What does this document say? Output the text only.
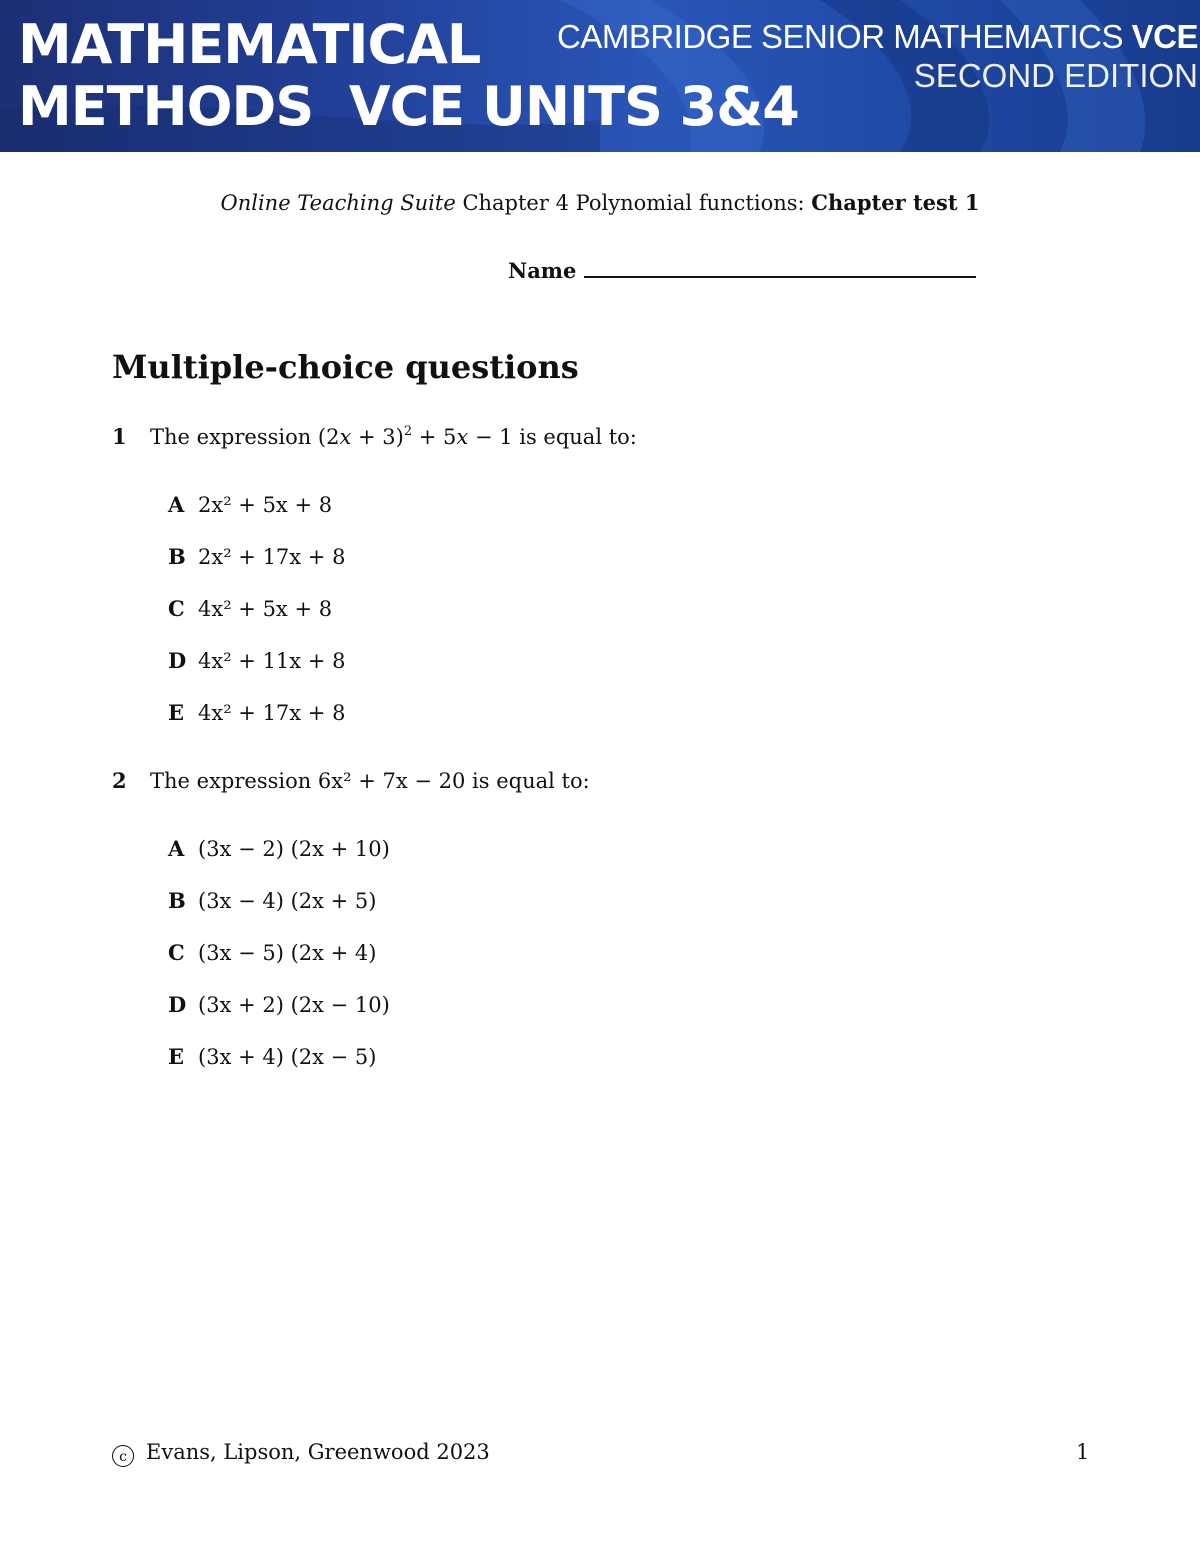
MATHEMATICAL
METHODS  VCE UNITS 3&4
CAMBRIDGE SENIOR MATHEMATICS VCE
SECOND EDITION
Online Teaching Suite Chapter 4 Polynomial functions: Chapter test 1
Name
Multiple-choice questions
1 The expression $(2x + 3)^2 + 5x - 1$ is equal to:
A 2x² + 5x + 8
B 2x² + 17x + 8
C 4x² + 5x + 8
D 4x² + 11x + 8
E 4x² + 17x + 8
2 The expression 6x² + 7x − 20 is equal to:
A (3x − 2) (2x + 10)
B (3x − 4) (2x + 5)
C (3x − 5) (2x + 4)
D (3x + 2) (2x − 10)
E (3x + 4) (2x − 5)
c Evans, Lipson, Greenwood 2023	1
